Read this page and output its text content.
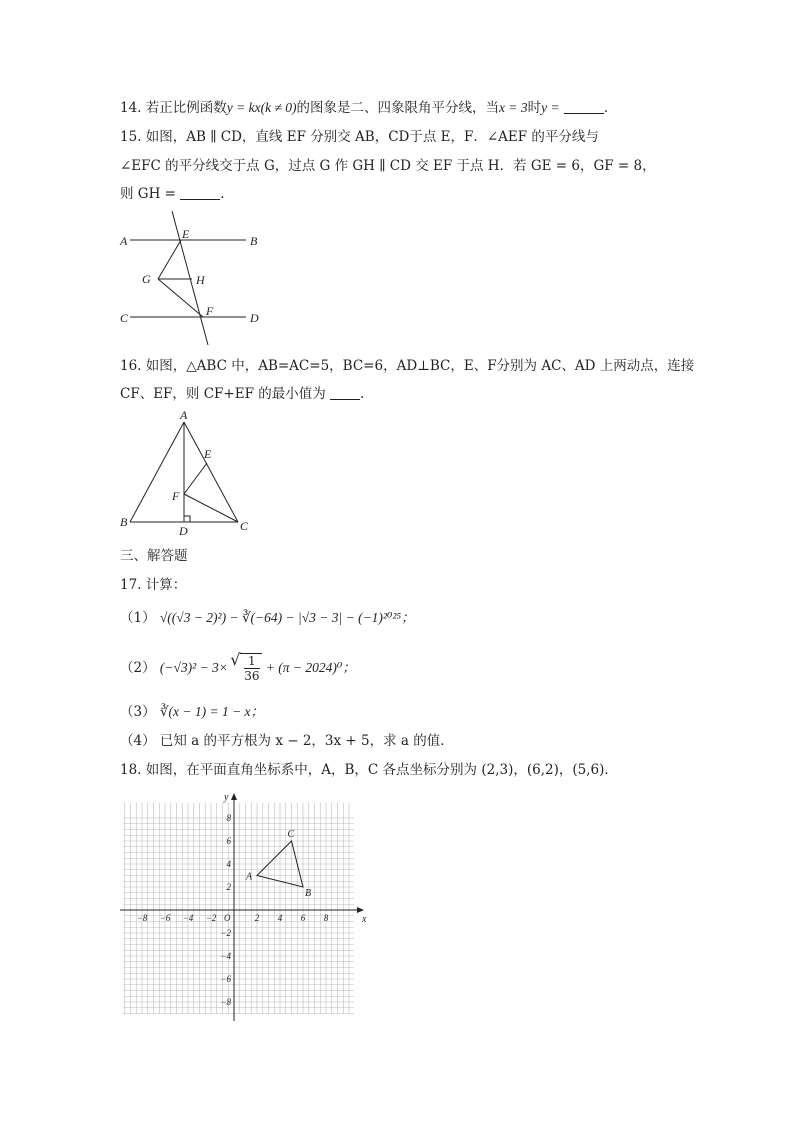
14. 若正比例函数y = kx(k ≠ 0)的图象是二、四象限角平分线，当x = 3时y =	.
15. 如图，AB ∥ CD，直线 EF 分别交 AB，CD于点 E，F．∠AEF 的平分线与
∠EFC 的平分线交于点 G，过点 G 作 GH ∥ CD 交 EF 于点 H．若 GE = 6，GF = 8，
则 GH =	.
A	B
C	D
E
F
G	H
16. 如图，△ABC 中，AB=AC=5，BC=6，AD⊥BC，E、F分别为 AC、AD 上两动点，连接
CF、EF，则 CF+EF 的最小值为	.
A
B	C
D
E
F
三、解答题
17. 计算：
（1） √((√3 − 2)²) − ∛(−64) − |√3 − 3| − (−1)²⁰²⁵；
（2） (−√3)² − 3×
√ $\frac{1}{36} + (\pi - 2024)^0$；
（3） ∛(x − 1) = 1 − x；
（4） 已知 a 的平方根为 x − 2，3x + 5，求 a 的值．
18. 如图，在平面直角坐标系中，A，B，C 各点坐标分别为 (2,3)，(6,2)，(5,6)．
−8 −6 −4 −2	2 4 6 8
8
6
4
2
−2
−4
−6
−8
O	x
y
A
B
C
